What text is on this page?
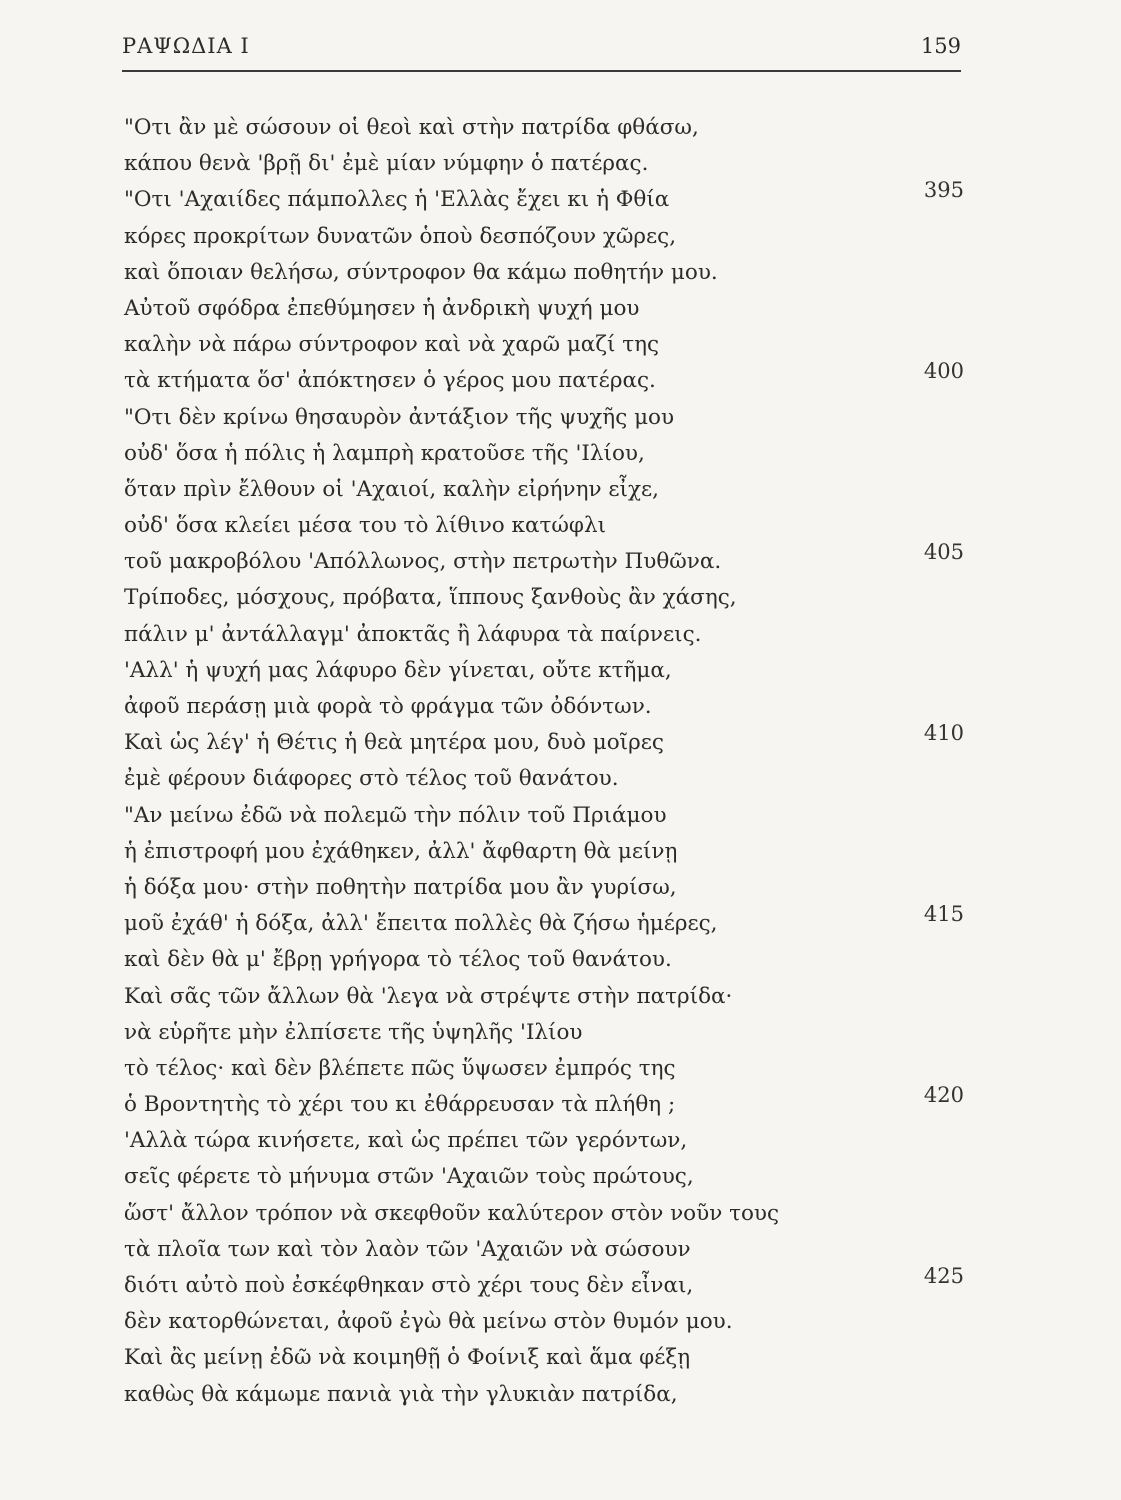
ΡΑΨΩΔΙΑ Ι	159
"Οτι ἂν μὲ σώσουν οἱ θεοὶ καὶ στὴν πατρίδα φθάσω,
κάπου θενὰ 'βρῇ δι' ἐμὲ μίαν νύμφην ὁ πατέρας.
"Οτι 'Αχαιίδες πάμπολλες ἡ 'Ελλὰς ἔχει κι ἡ Φθία	395
κόρες προκρίτων δυνατῶν ὁποὺ δεσπόζουν χῶρες,
καὶ ὅποιαν θελήσω, σύντροφον θα κάμω ποθητήν μου.
Αὐτοῦ σφόδρα ἐπεθύμησεν ἡ ἀνδρικὴ ψυχή μου
καλὴν νὰ πάρω σύντροφον καὶ νὰ χαρῶ μαζί της
τὰ κτήματα ὅσ' ἀπόκτησεν ὁ γέρος μου πατέρας.	400
"Οτι δὲν κρίνω θησαυρὸν ἀντάξιον τῆς ψυχῆς μου
οὐδ' ὅσα ἡ πόλις ἡ λαμπρὴ κρατοῦσε τῆς 'Ιλίου,
ὅταν πρὶν ἔλθουν οἱ 'Αχαιοί, καλὴν εἰρήνην εἶχε,
οὐδ' ὅσα κλείει μέσα του τὸ λίθινο κατώφλι
τοῦ μακροβόλου 'Απόλλωνος, στὴν πετρωτὴν Πυθῶνα.	405
Τρίποδες, μόσχους, πρόβατα, ἵππους ξανθοὺς ἂν χάσης,
πάλιν μ' ἀντάλλαγμ' ἀποκτᾶς ἢ λάφυρα τὰ παίρνεις.
'Αλλ' ἡ ψυχή μας λάφυρο δὲν γίνεται, οὔτε κτῆμα,
ἀφοῦ περάσῃ μιὰ φορὰ τὸ φράγμα τῶν ὀδόντων.
Καὶ ὡς λέγ' ἡ Θέτις ἡ θεὰ μητέρα μου, δυὸ μοῖρες	410
ἐμὲ φέρουν διάφορες στὸ τέλος τοῦ θανάτου.
"Αν μείνω ἐδῶ νὰ πολεμῶ τὴν πόλιν τοῦ Πριάμου
ἡ ἐπιστροφή μου ἐχάθηκεν, ἀλλ' ἄφθαρτη θὰ μείνῃ
ἡ δόξα μου· στὴν ποθητὴν πατρίδα μου ἂν γυρίσω,
μοῦ ἐχάθ' ἡ δόξα, ἀλλ' ἔπειτα πολλὲς θὰ ζήσω ἡμέρες,	415
καὶ δὲν θὰ μ' ἔβρῃ γρήγορα τὸ τέλος τοῦ θανάτου.
Καὶ σᾶς τῶν ἄλλων θὰ 'λεγα νὰ στρέψτε στὴν πατρίδα·
νὰ εὑρῆτε μὴν ἐλπίσετε τῆς ὑψηλῆς 'Ιλίου
τὸ τέλος· καὶ δὲν βλέπετε πῶς ὕψωσεν ἐμπρός της
ὁ Βροντητὴς τὸ χέρι του κι ἐθάρρευσαν τὰ πλήθη ;	420
'Αλλὰ τώρα κινήσετε, καὶ ὡς πρέπει τῶν γερόντων,
σεῖς φέρετε τὸ μήνυμα στῶν 'Αχαιῶν τοὺς πρώτους,
ὥστ' ἄλλον τρόπον νὰ σκεφθοῦν καλύτερον στὸν νοῦν τους
τὰ πλοῖα των καὶ τὸν λαὸν τῶν 'Αχαιῶν νὰ σώσουν
διότι αὐτὸ ποὺ ἐσκέφθηκαν στὸ χέρι τους δὲν εἶναι,	425
δὲν κατορθώνεται, ἀφοῦ ἐγὼ θὰ μείνω στὸν θυμόν μου.
Καὶ ἂς μείνῃ ἐδῶ νὰ κοιμηθῇ ὁ Φοίνιξ καὶ ἅμα φέξῃ
καθὼς θὰ κάμωμε πανιὰ γιὰ τὴν γλυκιὰν πατρίδα,
